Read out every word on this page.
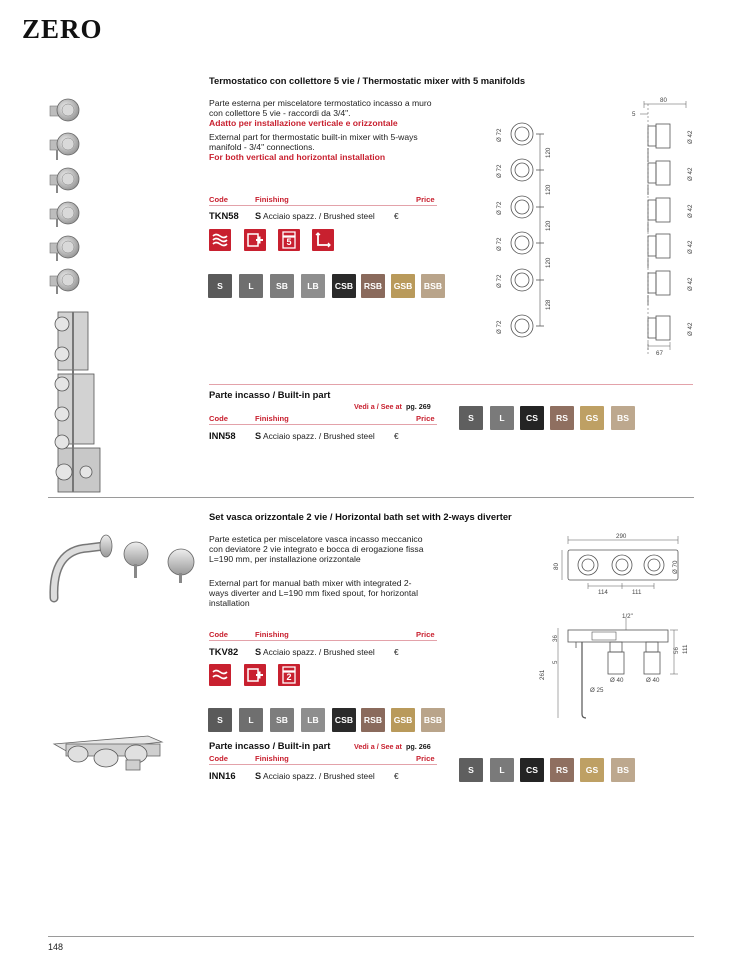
ZERO
Termostatico con collettore 5 vie / Thermostatic mixer with 5 manifolds
Parte esterna per miscelatore termostatico incasso a muro con collettore 5 vie - raccordi da 3/4".
Adatto per installazione verticale e orizzontale
External part for thermostatic built-in mixer with 5-ways manifold - 3/4" connections.
For both vertical and horizontal installation
Code	Finishing	Price
TKN58 S Acciaio spazz. / Brushed steel €
5
S	L	SB LB CSB RSB GSB BSB
Ø 72
Ø 72
Ø 72
Ø 72
Ø 72
Ø 72
120
120
120
120
128
80
5
67
Ø 42
Ø 42
Ø 42
Ø 42
Ø 42
Ø 42
Parte incasso / Built-in part
Vedi a / See at pg. 269
Code	Finishing	Price
INN58 S Acciaio spazz. / Brushed steel €
S	L CS RS GS BS
Set vasca orizzontale 2 vie / Horizontal bath set with 2-ways diverter
Parte estetica per miscelatore vasca incasso meccanico con deviatore 2 vie integrato e bocca di erogazione fissa L=190 mm, per installazione orizzontale
External part for manual bath mixer with integrated 2-ways diverter and L=190 mm fixed spout, for horizontal installation
Code	Finishing	Price
TKV82 S Acciaio spazz. / Brushed steel €
2
S	L	SB LB CSB RSB GSB BSB
290
80	Ø 70
114	111
1/2"
36
5
261
56 111
Ø 25
Ø 40	Ø 40
Parte incasso / Built-in part	Vedi a / See at pg. 266
Code	Finishing	Price
INN16 S Acciaio spazz. / Brushed steel €
S	L CS RS GS BS
148
